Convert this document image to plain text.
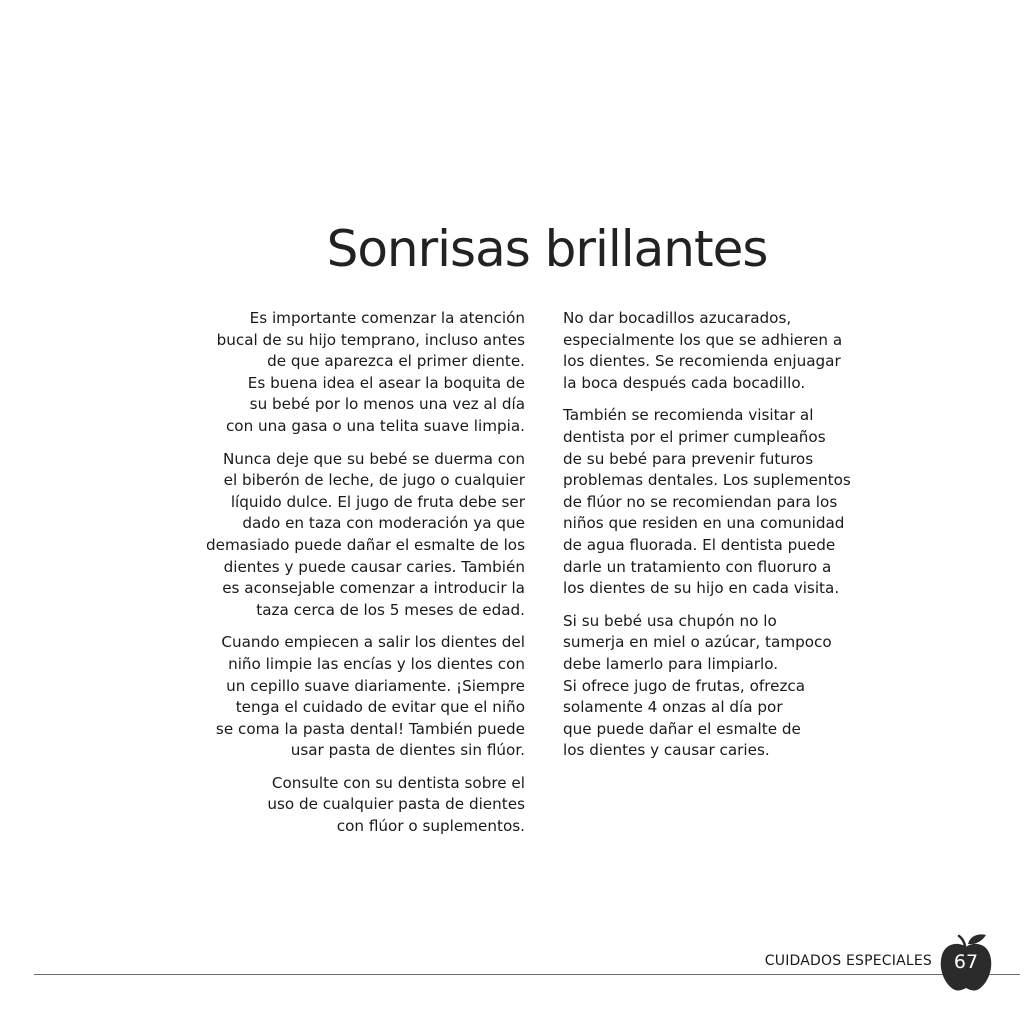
Sonrisas brillantes

Es importante comenzar la atención
bucal de su hijo temprano, incluso antes
de que aparezca el primer diente.
Es buena idea el asear la boquita de
su bebé por lo menos una vez al día
con una gasa o una telita suave limpia.

Nunca deje que su bebé se duerma con
el biberón de leche, de jugo o cualquier
líquido dulce. El jugo de fruta debe ser
dado en taza con moderación ya que
demasiado puede dañar el esmalte de los
dientes y puede causar caries. También
es aconsejable comenzar a introducir la
taza cerca de los 5 meses de edad.

Cuando empiecen a salir los dientes del
niño limpie las encías y los dientes con
un cepillo suave diariamente. ¡Siempre
tenga el cuidado de evitar que el niño
se coma la pasta dental! También puede
usar pasta de dientes sin flúor.

Consulte con su dentista sobre el
uso de cualquier pasta de dientes
con flúor o suplementos.

No dar bocadillos azucarados,
especialmente los que se adhieren a
los dientes. Se recomienda enjuagar
la boca después cada bocadillo.

También se recomienda visitar al
dentista por el primer cumpleaños
de su bebé para prevenir futuros
problemas dentales. Los suplementos
de flúor no se recomiendan para los
niños que residen en una comunidad
de agua fluorada. El dentista puede
darle un tratamiento con fluoruro a
los dientes de su hijo en cada visita.

Si su bebé usa chupón no lo
sumerja en miel o azúcar, tampoco
debe lamerlo para limpiarlo.
Si ofrece jugo de frutas, ofrezca
solamente 4 onzas al día por
que puede dañar el esmalte de
los dientes y causar caries.

CUIDADOS ESPECIALES	67
